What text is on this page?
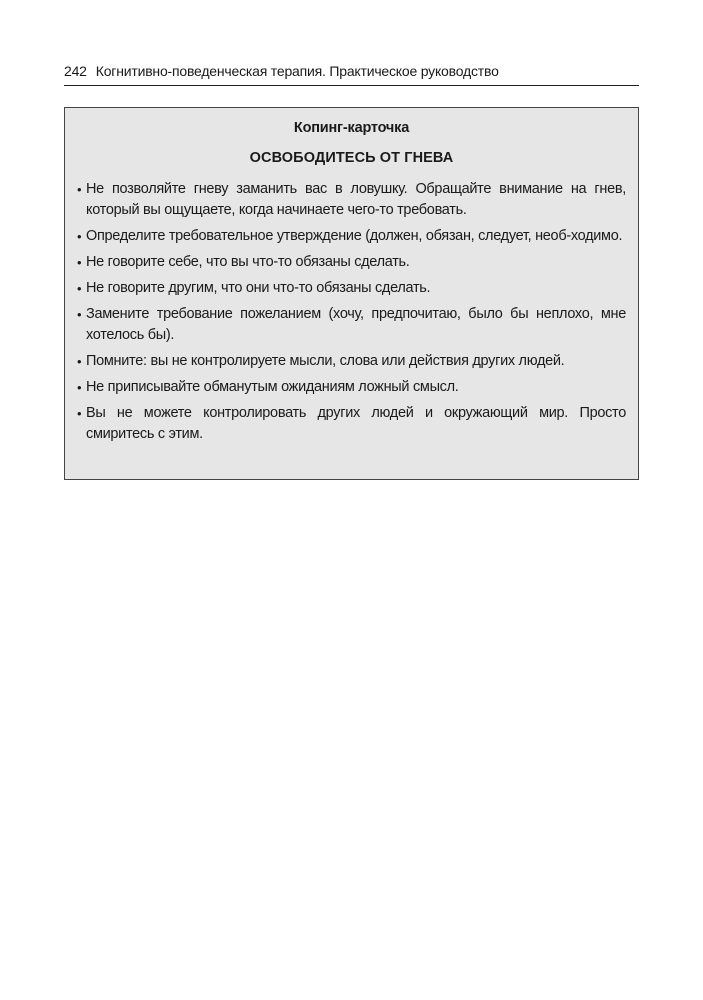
242 Когнитивно-поведенческая терапия. Практическое руководство
Копинг-карточка
ОСВОБОДИТЕСЬ ОТ ГНЕВА
• Не позволяйте гневу заманить вас в ловушку. Обращайте внимание на гнев, который вы ощущаете, когда начинаете чего-то требовать.
• Определите требовательное утверждение (должен, обязан, следует, необ-ходимо.
• Не говорите себе, что вы что-то обязаны сделать.
• Не говорите другим, что они что-то обязаны сделать.
• Замените требование пожеланием (хочу, предпочитаю, было бы неплохо, мне хотелось бы).
• Помните: вы не контролируете мысли, слова или действия других людей.
• Не приписывайте обманутым ожиданиям ложный смысл.
• Вы не можете контролировать других людей и окружающий мир. Просто смиритесь с этим.
